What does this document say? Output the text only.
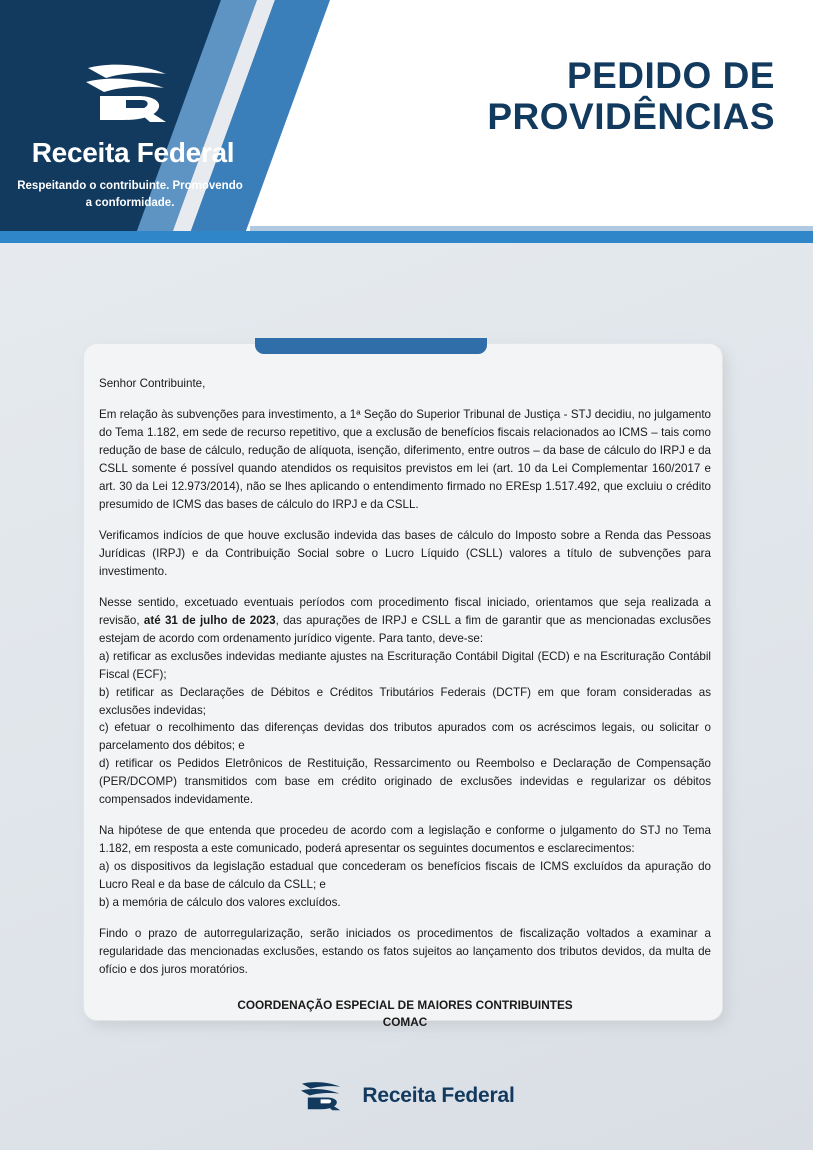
PEDIDO DE
PROVIDÊNCIAS
Receita Federal
Respeitando o contribuinte. Promovendo
a conformidade.

Senhor Contribuinte,

Em relação às subvenções para investimento, a 1ª Seção do Superior Tribunal de Justiça - STJ decidiu, no julgamento do Tema 1.182, em sede de recurso repetitivo, que a exclusão de benefícios fiscais relacionados ao ICMS – tais como redução de base de cálculo, redução de alíquota, isenção, diferimento, entre outros – da base de cálculo do IRPJ e da CSLL somente é possível quando atendidos os requisitos previstos em lei (art. 10 da Lei Complementar 160/2017 e art. 30 da Lei 12.973/2014), não se lhes aplicando o entendimento firmado no EREsp 1.517.492, que excluiu o crédito presumido de ICMS das bases de cálculo do IRPJ e da CSLL.

Verificamos indícios de que houve exclusão indevida das bases de cálculo do Imposto sobre a Renda das Pessoas Jurídicas (IRPJ) e da Contribuição Social sobre o Lucro Líquido (CSLL) valores a título de subvenções para investimento.

Nesse sentido, excetuado eventuais períodos com procedimento fiscal iniciado, orientamos que seja realizada a revisão, até 31 de julho de 2023, das apurações de IRPJ e CSLL a fim de garantir que as mencionadas exclusões estejam de acordo com ordenamento jurídico vigente. Para tanto, deve-se:

a) retificar as exclusões indevidas mediante ajustes na Escrituração Contábil Digital (ECD) e na Escrituração Contábil Fiscal (ECF);

b) retificar as Declarações de Débitos e Créditos Tributários Federais (DCTF) em que foram consideradas as exclusões indevidas;

c) efetuar o recolhimento das diferenças devidas dos tributos apurados com os acréscimos legais, ou solicitar o parcelamento dos débitos; e

d) retificar os Pedidos Eletrônicos de Restituição, Ressarcimento ou Reembolso e Declaração de Compensação (PER/DCOMP) transmitidos com base em crédito originado de exclusões indevidas e regularizar os débitos compensados indevidamente.

Na hipótese de que entenda que procedeu de acordo com a legislação e conforme o julgamento do STJ no Tema 1.182, em resposta a este comunicado, poderá apresentar os seguintes documentos e esclarecimentos:

a) os dispositivos da legislação estadual que concederam os benefícios fiscais de ICMS excluídos da apuração do Lucro Real e da base de cálculo da CSLL; e

b) a memória de cálculo dos valores excluídos.

Findo o prazo de autorregularização, serão iniciados os procedimentos de fiscalização voltados a examinar a regularidade das mencionadas exclusões, estando os fatos sujeitos ao lançamento dos tributos devidos, da multa de ofício e dos juros moratórios.

COORDENAÇÃO ESPECIAL DE MAIORES CONTRIBUINTES
COMAC
Receita Federal
